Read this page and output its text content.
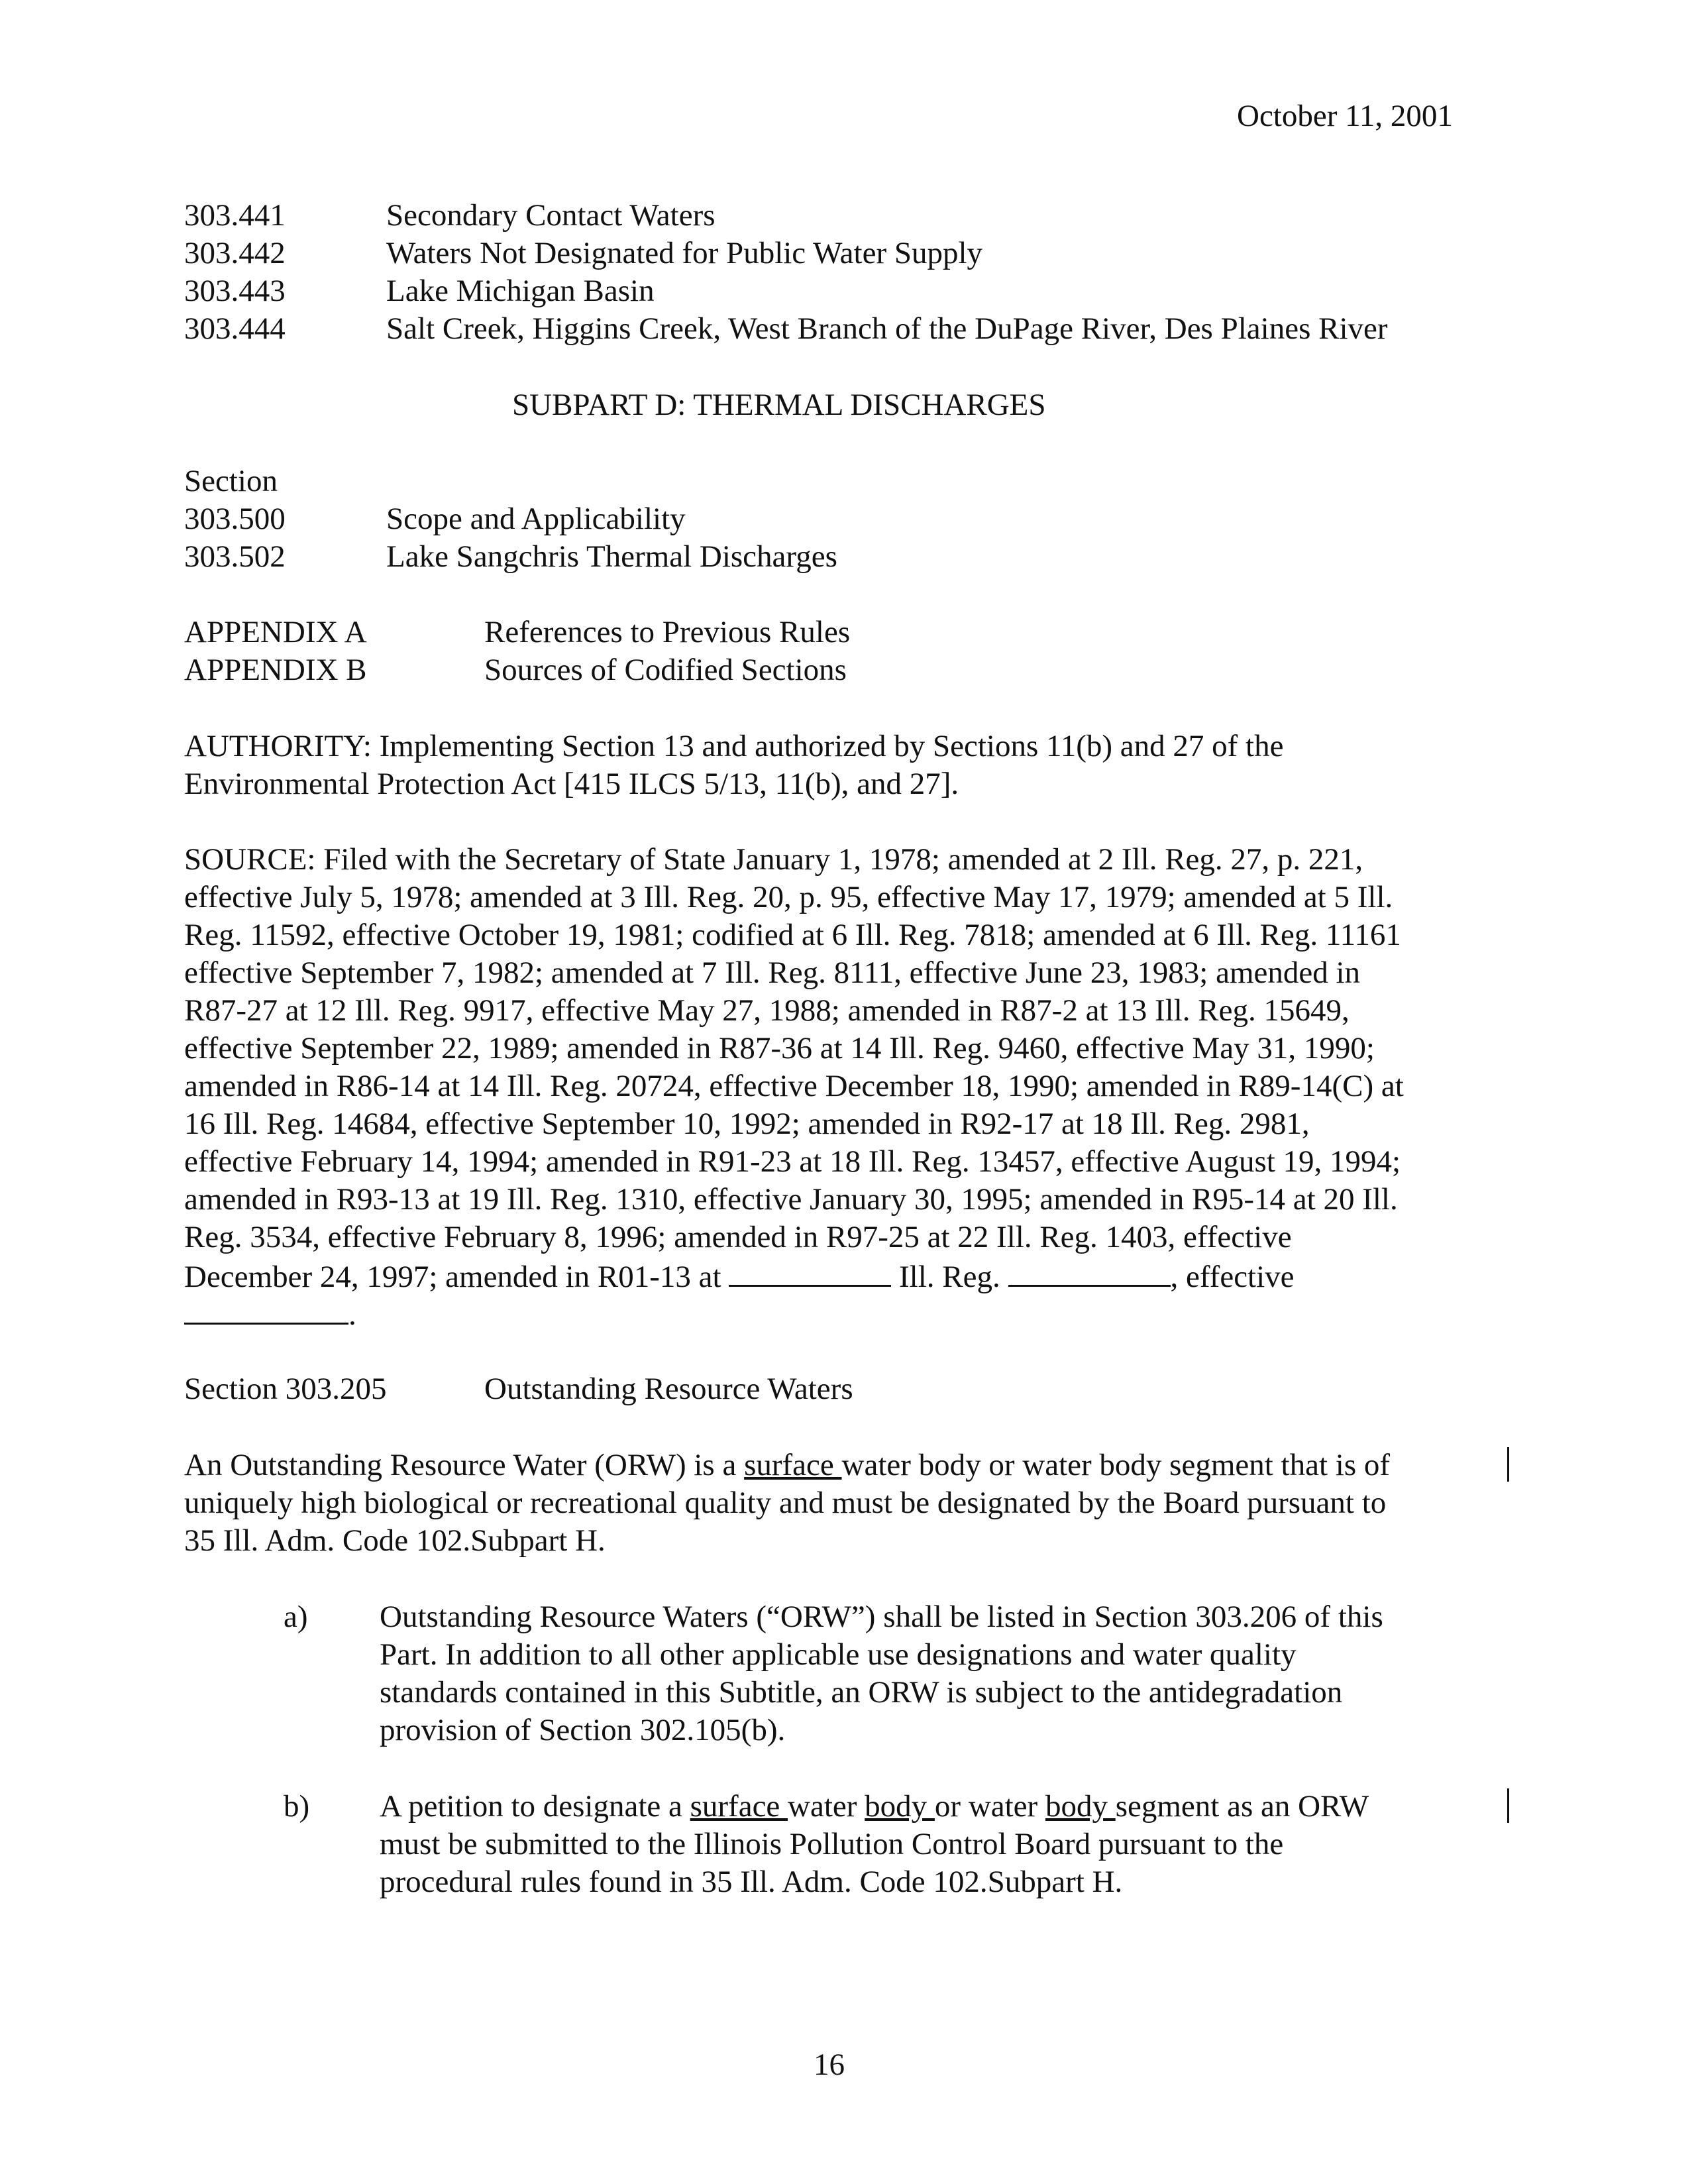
October 11, 2001
303.441	Secondary Contact Waters
303.442	Waters Not Designated for Public Water Supply
303.443	Lake Michigan Basin
303.444	Salt Creek, Higgins Creek, West Branch of the DuPage River, Des Plaines River
SUBPART D: THERMAL DISCHARGES
Section
303.500	Scope and Applicability
303.502	Lake Sangchris Thermal Discharges
APPENDIX A	References to Previous Rules
APPENDIX B	Sources of Codified Sections
AUTHORITY: Implementing Section 13 and authorized by Sections 11(b) and 27 of the
Environmental Protection Act [415 ILCS 5/13, 11(b), and 27].
SOURCE: Filed with the Secretary of State January 1, 1978; amended at 2 Ill. Reg. 27, p. 221,
effective July 5, 1978; amended at 3 Ill. Reg. 20, p. 95, effective May 17, 1979; amended at 5 Ill.
Reg. 11592, effective October 19, 1981; codified at 6 Ill. Reg. 7818; amended at 6 Ill. Reg. 11161
effective September 7, 1982; amended at 7 Ill. Reg. 8111, effective June 23, 1983; amended in
R87-27 at 12 Ill. Reg. 9917, effective May 27, 1988; amended in R87-2 at 13 Ill. Reg. 15649,
effective September 22, 1989; amended in R87-36 at 14 Ill. Reg. 9460, effective May 31, 1990;
amended in R86-14 at 14 Ill. Reg. 20724, effective December 18, 1990; amended in R89-14(C) at
16 Ill. Reg. 14684, effective September 10, 1992; amended in R92-17 at 18 Ill. Reg. 2981,
effective February 14, 1994; amended in R91-23 at 18 Ill. Reg. 13457, effective August 19, 1994;
amended in R93-13 at 19 Ill. Reg. 1310, effective January 30, 1995; amended in R95-14 at 20 Ill.
Reg. 3534, effective February 8, 1996; amended in R97-25 at 22 Ill. Reg. 1403, effective
December 24, 1997; amended in R01-13 at	Ill. Reg.	, effective
.
Section 303.205	Outstanding Resource Waters
An Outstanding Resource Water (ORW) is a surface water body or water body segment that is of
uniquely high biological or recreational quality and must be designated by the Board pursuant to
35 Ill. Adm. Code 102.Subpart H.
a) Outstanding Resource Waters (“ORW”) shall be listed in Section 303.206 of this
Part. In addition to all other applicable use designations and water quality
standards contained in this Subtitle, an ORW is subject to the antidegradation
provision of Section 302.105(b).
b) A petition to designate a surface water body or water body segment as an ORW
must be submitted to the Illinois Pollution Control Board pursuant to the
procedural rules found in 35 Ill. Adm. Code 102.Subpart H.
16
